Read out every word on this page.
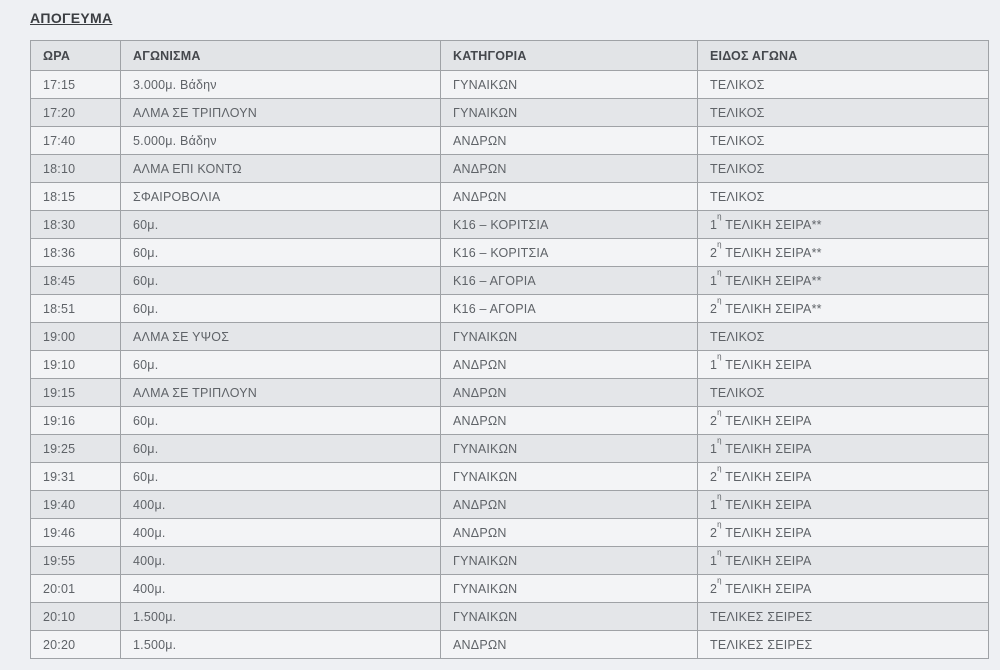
ΑΠΟΓΕΥΜΑ
ΩΡΑ	ΑΓΩΝΙΣΜΑ	ΚΑΤΗΓΟΡΙΑ	ΕΙΔΟΣ ΑΓΩΝΑ
17:15	3.000μ. Βάδην	ΓΥΝΑΙΚΩΝ	ΤΕΛΙΚΟΣ
17:20	ΑΛΜΑ ΣΕ ΤΡΙΠΛΟΥΝ	ΓΥΝΑΙΚΩΝ	ΤΕΛΙΚΟΣ
17:40	5.000μ. Βάδην	ΑΝΔΡΩΝ	ΤΕΛΙΚΟΣ
18:10	ΑΛΜΑ ΕΠΙ ΚΟΝΤΩ	ΑΝΔΡΩΝ	ΤΕΛΙΚΟΣ
18:15	ΣΦΑΙΡΟΒΟΛΙΑ	ΑΝΔΡΩΝ	ΤΕΛΙΚΟΣ
18:30	60μ.	Κ16 – ΚΟΡΙΤΣΙΑ	$1^\eta$ ΤΕΛΙΚΗ ΣΕΙΡΑ**
18:36	60μ.	Κ16 – ΚΟΡΙΤΣΙΑ	$2^\eta$ ΤΕΛΙΚΗ ΣΕΙΡΑ**
18:45	60μ.	Κ16 – ΑΓΟΡΙΑ	$1^\eta$ ΤΕΛΙΚΗ ΣΕΙΡΑ**
18:51	60μ.	Κ16 – ΑΓΟΡΙΑ	$2^\eta$ ΤΕΛΙΚΗ ΣΕΙΡΑ**
19:00	ΑΛΜΑ ΣΕ ΥΨΟΣ	ΓΥΝΑΙΚΩΝ	ΤΕΛΙΚΟΣ
19:10	60μ.	ΑΝΔΡΩΝ	$1^\eta$ ΤΕΛΙΚΗ ΣΕΙΡΑ
19:15	ΑΛΜΑ ΣΕ ΤΡΙΠΛΟΥΝ	ΑΝΔΡΩΝ	ΤΕΛΙΚΟΣ
19:16	60μ.	ΑΝΔΡΩΝ	$2^\eta$ ΤΕΛΙΚΗ ΣΕΙΡΑ
19:25	60μ.	ΓΥΝΑΙΚΩΝ	$1^\eta$ ΤΕΛΙΚΗ ΣΕΙΡΑ
19:31	60μ.	ΓΥΝΑΙΚΩΝ	$2^\eta$ ΤΕΛΙΚΗ ΣΕΙΡΑ
19:40	400μ.	ΑΝΔΡΩΝ	$1^\eta$ ΤΕΛΙΚΗ ΣΕΙΡΑ
19:46	400μ.	ΑΝΔΡΩΝ	$2^\eta$ ΤΕΛΙΚΗ ΣΕΙΡΑ
19:55	400μ.	ΓΥΝΑΙΚΩΝ	$1^\eta$ ΤΕΛΙΚΗ ΣΕΙΡΑ
20:01	400μ.	ΓΥΝΑΙΚΩΝ	$2^\eta$ ΤΕΛΙΚΗ ΣΕΙΡΑ
20:10	1.500μ.	ΓΥΝΑΙΚΩΝ	ΤΕΛΙΚΕΣ ΣΕΙΡΕΣ
20:20	1.500μ.	ΑΝΔΡΩΝ	ΤΕΛΙΚΕΣ ΣΕΙΡΕΣ
